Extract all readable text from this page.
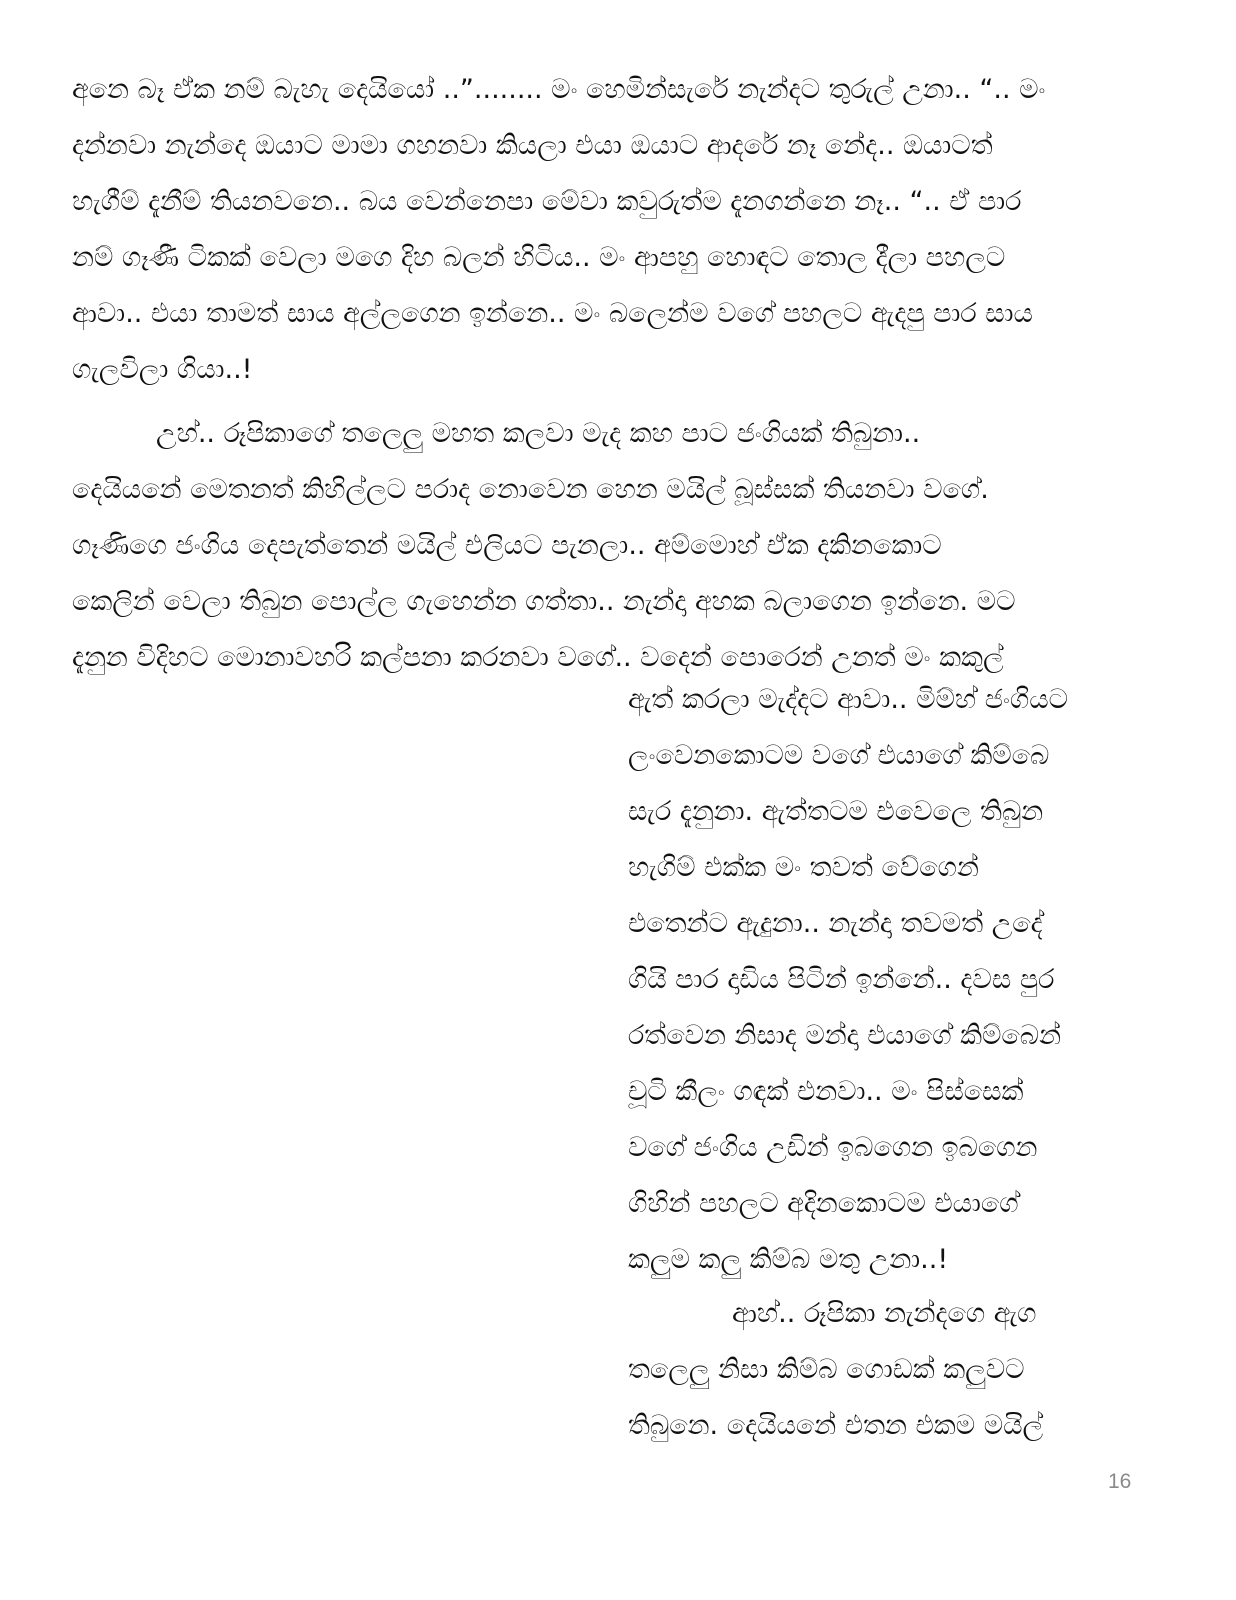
අනෙ බෑ ඒක නම් බැහැ දෙයියෝ ..”........ මං හෙමින්සැරේ නැන්දට තුරුල් උනා.. “.. මං
දන්නවා නැන්දෙ ඔයාට මාමා ගහනවා කියලා එයා ඔයාට ආදරේ නෑ නේද.. ඔයාටත්
හැගීම් දැනීම් තියනවනෙ.. බය වෙන්නෙපා මේවා කවුරුත්ම දැනගන්නෙ නෑ.. “.. ඒ පාර
නම් ගෑණී ටිකක් වෙලා මගෙ දිහ බලන් හිටිය.. මං ආපහු හොඳට තොල දීලා පහලට
ආවා.. එයා තාමත් සාය අල්ලගෙන ඉන්නෙ.. මං බලෙන්ම වගේ පහලට ඇදපු පාර සාය
ගැලවිලා ගියා..!
උහ්.. රූපිකාගේ තලෙලු මහත කලවා මැද කහ පාට ජංගියක් තිබුනා..
දෙයියනේ මෙතනත් කිහිල්ලට පරාද නොවෙන හෙන මයිල් බූස්සක් තියනවා වගේ.
ගෑණිගෙ ජංගිය දෙපැත්තෙන් මයිල් එලියට පැනලා.. අම්මොහ් ඒක දකිනකොට
කෙලින් වෙලා තිබුන පොල්ල ගැහෙන්න ගත්තා.. නැන්දා අහක බලාගෙන ඉන්නෙ. මට
දැනුන විදිහට මොනාවහරි කල්පනා කරනවා වගේ.. වදෙන් පොරෙන් උනත් මං කකුල්
ඇත් කරලා මැද්දට ආවා.. මිම්හ් ජංගියට
ලංවෙනකොටම වගේ එයාගේ කිම්බෙ
සැර දැනුනා. ඇත්තටම එවෙලෙ තිබුන
හැගිම් එක්ක මං තවත් වේගෙන්
එතෙන්ට ඇදුනා.. නැන්දා තවමත් උදේ
ගියි පාර දාඩිය පිටින් ඉන්නේ.. දවස පුර
රත්වෙන නිසාද මන්දා එයාගේ කිම්බෙන්
චූටි කීලං ගඳක් එනවා.. මං පිස්සෙක්
වගේ ජංගිය උඩින් ඉබගෙන ඉබගෙන
ගිහින් පහලට අදිනකොටම එයාගේ
කලුම කලු කිම්බ මතු උනා..!
ආහ්.. රූපිකා නැන්දගෙ ඇග
තලෙලු නිසා කිම්බ ගොඩක් කලුවට
තිබුනෙ. දෙයියනේ එතන එකම මයිල්
16
